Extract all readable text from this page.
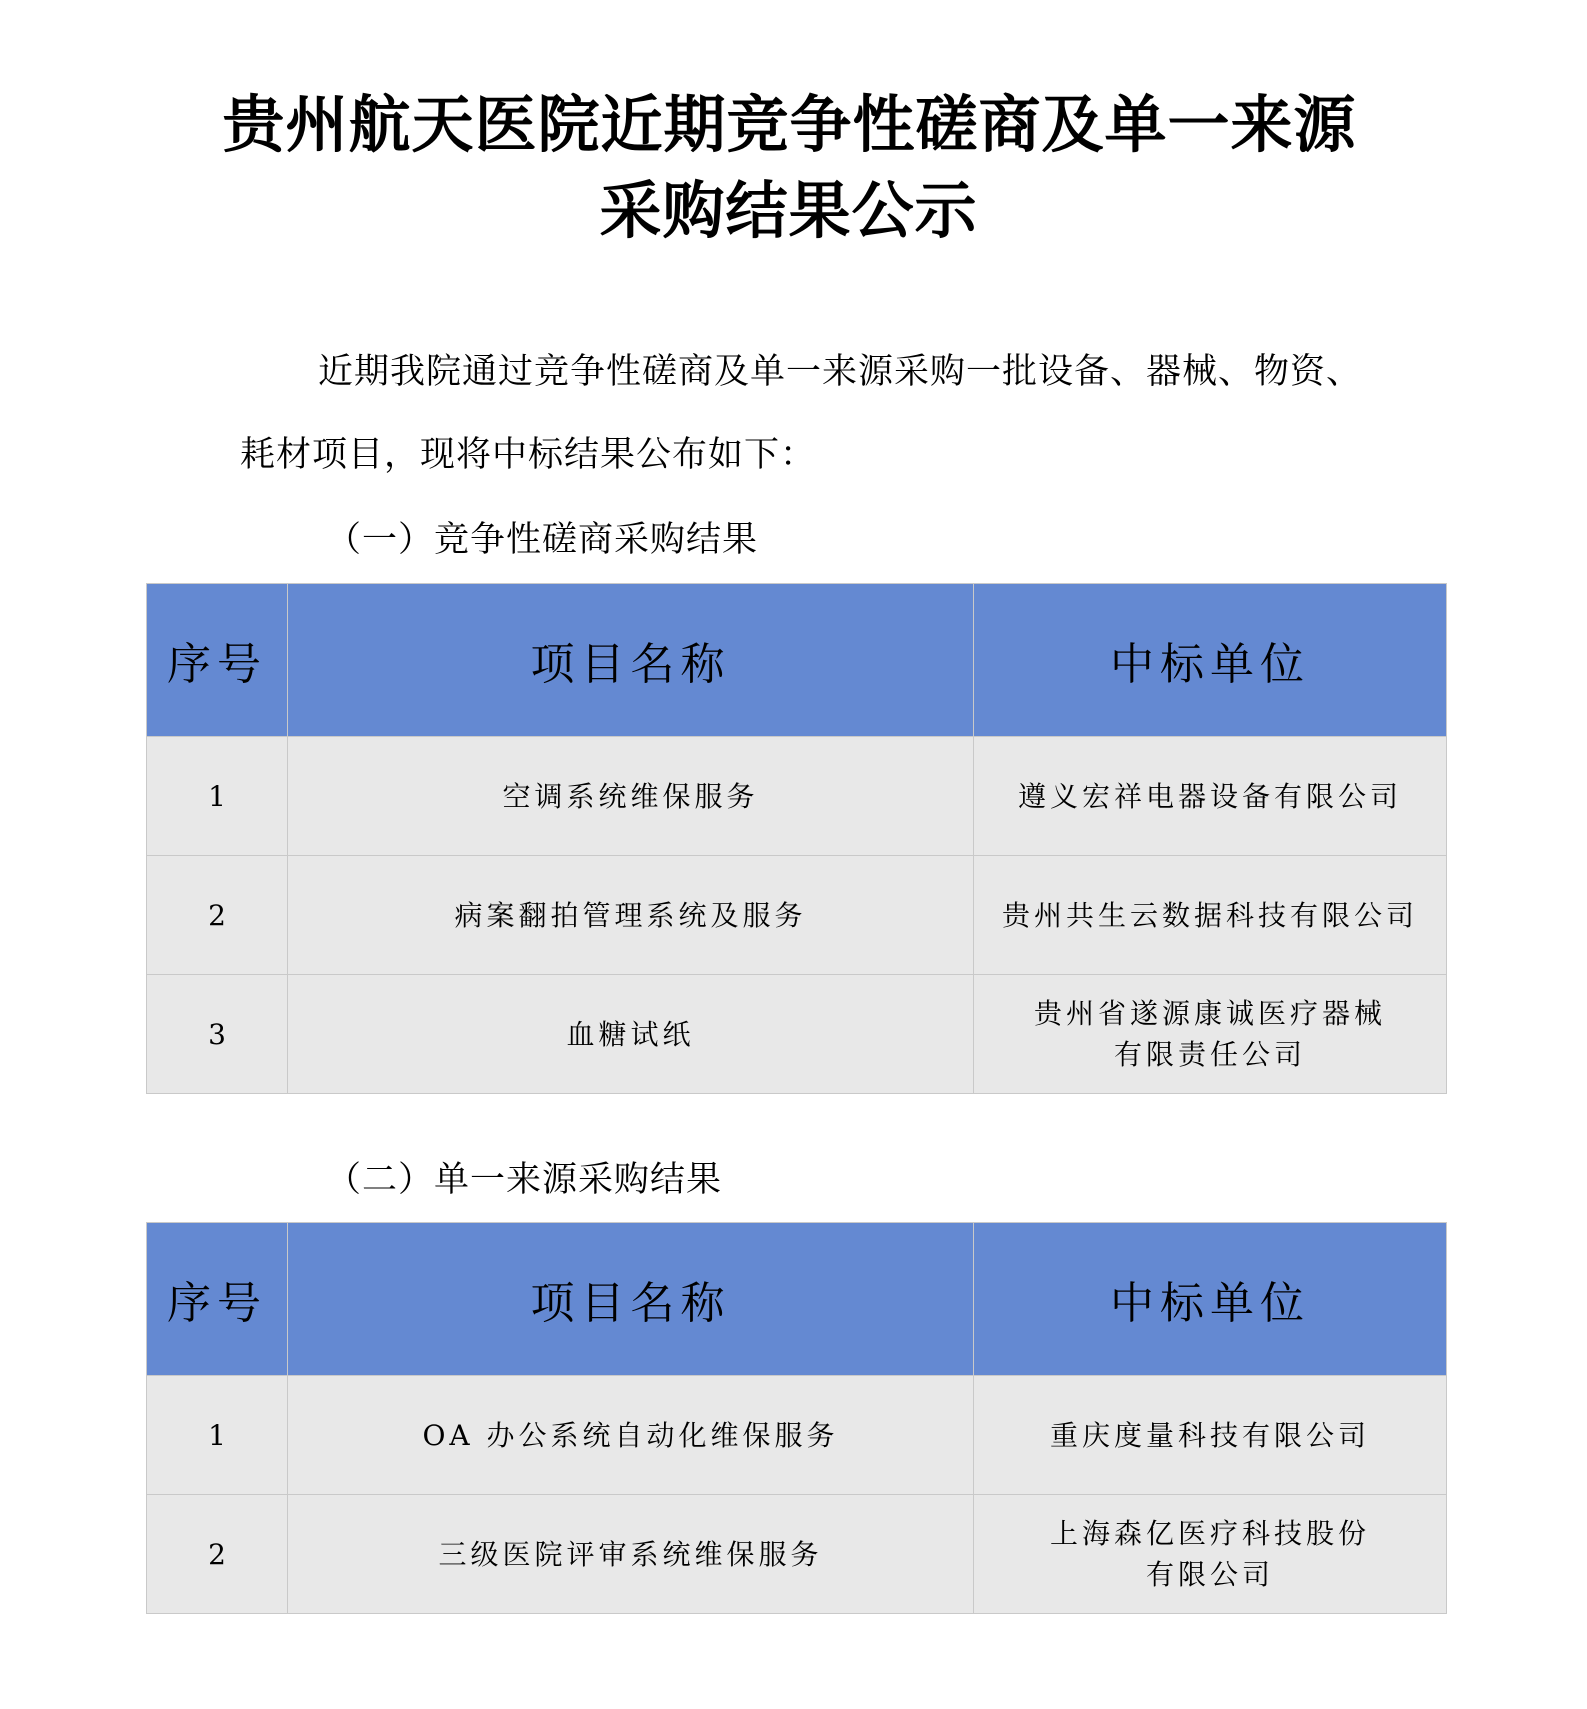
贵州航天医院近期竞争性磋商及单一来源
采购结果公示
近期我院通过竞争性磋商及单一来源采购一批设备、器械、物资、
耗材项目，现将中标结果公布如下：
（一）竞争性磋商采购结果
序号	项目名称	中标单位
1	空调系统维保服务	遵义宏祥电器设备有限公司

2	病案翻拍管理系统及服务	贵州共生云数据科技有限公司

3	血糖试纸	贵州省遂源康诚医疗器械
有限责任公司
（二）单一来源采购结果
序号	项目名称	中标单位
1	OA 办公系统自动化维保服务	重庆度量科技有限公司

2	三级医院评审系统维保服务	上海森亿医疗科技股份
有限公司
